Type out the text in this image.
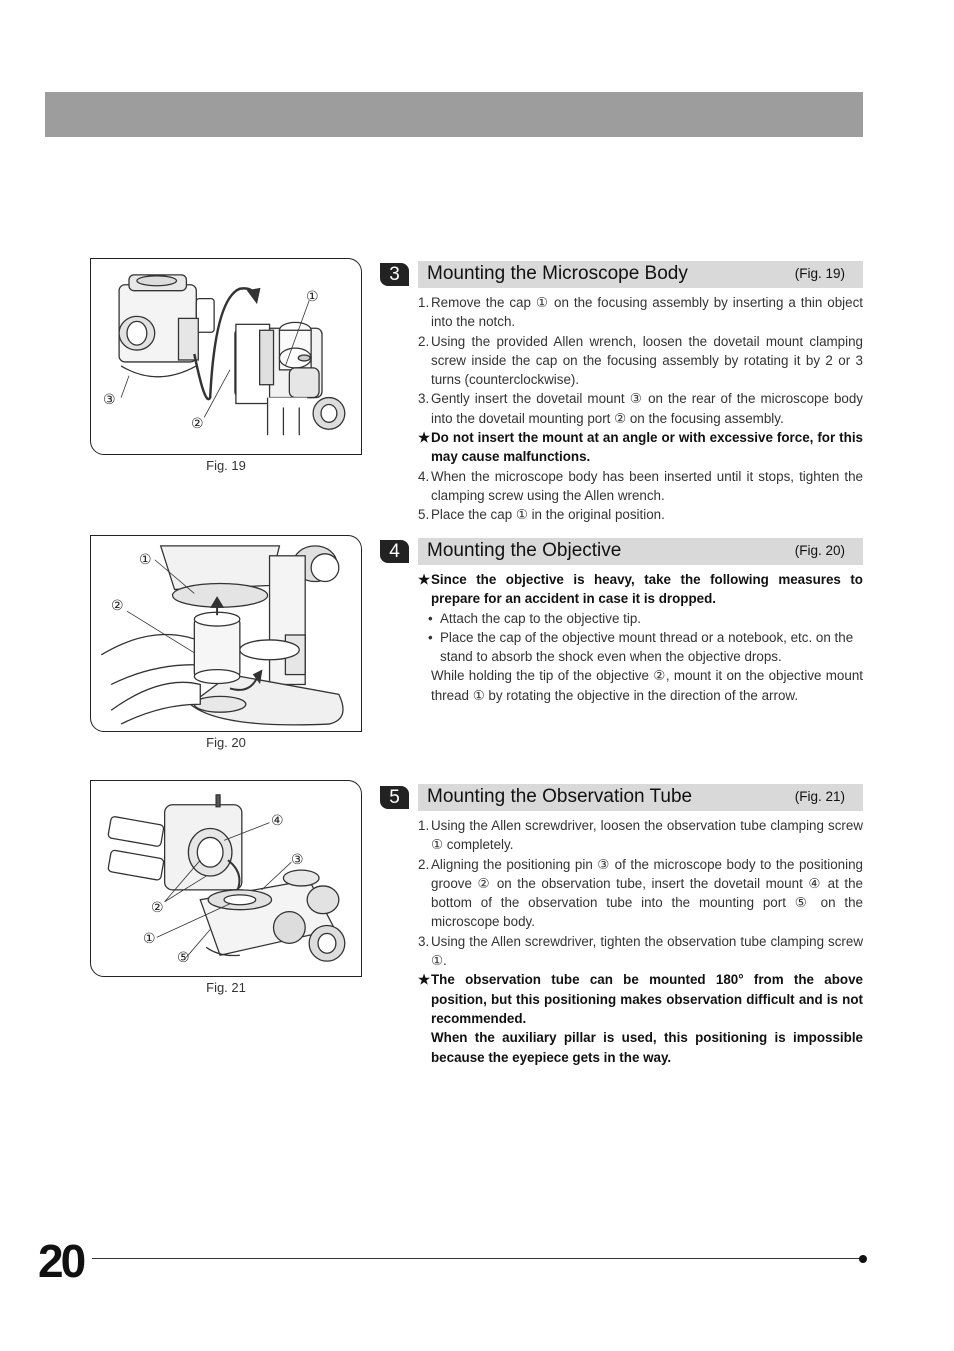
①
③
②
Fig. 19
①
②
Fig. 20
④
③
②
①
⑤
Fig. 21
3	Mounting the Microscope Body	(Fig. 19)
1. Remove the cap ① on the focusing assembly by inserting a thin object into the notch.
2. Using the provided Allen wrench, loosen the dovetail mount clamping screw inside the cap on the focusing assembly by rotating it by 2 or 3 turns (counterclockwise).
3. Gently insert the dovetail mount ③ on the rear of the microscope body into the dovetail mounting port ② on the focusing assembly.
★ Do not insert the mount at an angle or with excessive force, for this may cause malfunctions.
4. When the microscope body has been inserted until it stops, tighten the clamping screw using the Allen wrench.
5. Place the cap ① in the original position.
4	Mounting the Objective	(Fig. 20)
★ Since the objective is heavy, take the following measures to prepare for an accident in case it is dropped.
• Attach the cap to the objective tip.
• Place the cap of the objective mount thread or a notebook, etc. on the stand to absorb the shock even when the objective drops.
While holding the tip of the objective ②, mount it on the objective mount thread ① by rotating the objective in the direction of the arrow.
5	Mounting the Observation Tube	(Fig. 21)
1. Using the Allen screwdriver, loosen the observation tube clamping screw ① completely.
2. Aligning the positioning pin ③ of the microscope body to the positioning groove ② on the observation tube, insert the dovetail mount ④ at the bottom of the observation tube into the mounting port ⑤ on the microscope body.
3. Using the Allen screwdriver, tighten the observation tube clamping screw ①.
★ The observation tube can be mounted 180° from the above position, but this positioning makes observation difficult and is not recommended.
When the auxiliary pillar is used, this positioning is impossible because the eyepiece gets in the way.
20
